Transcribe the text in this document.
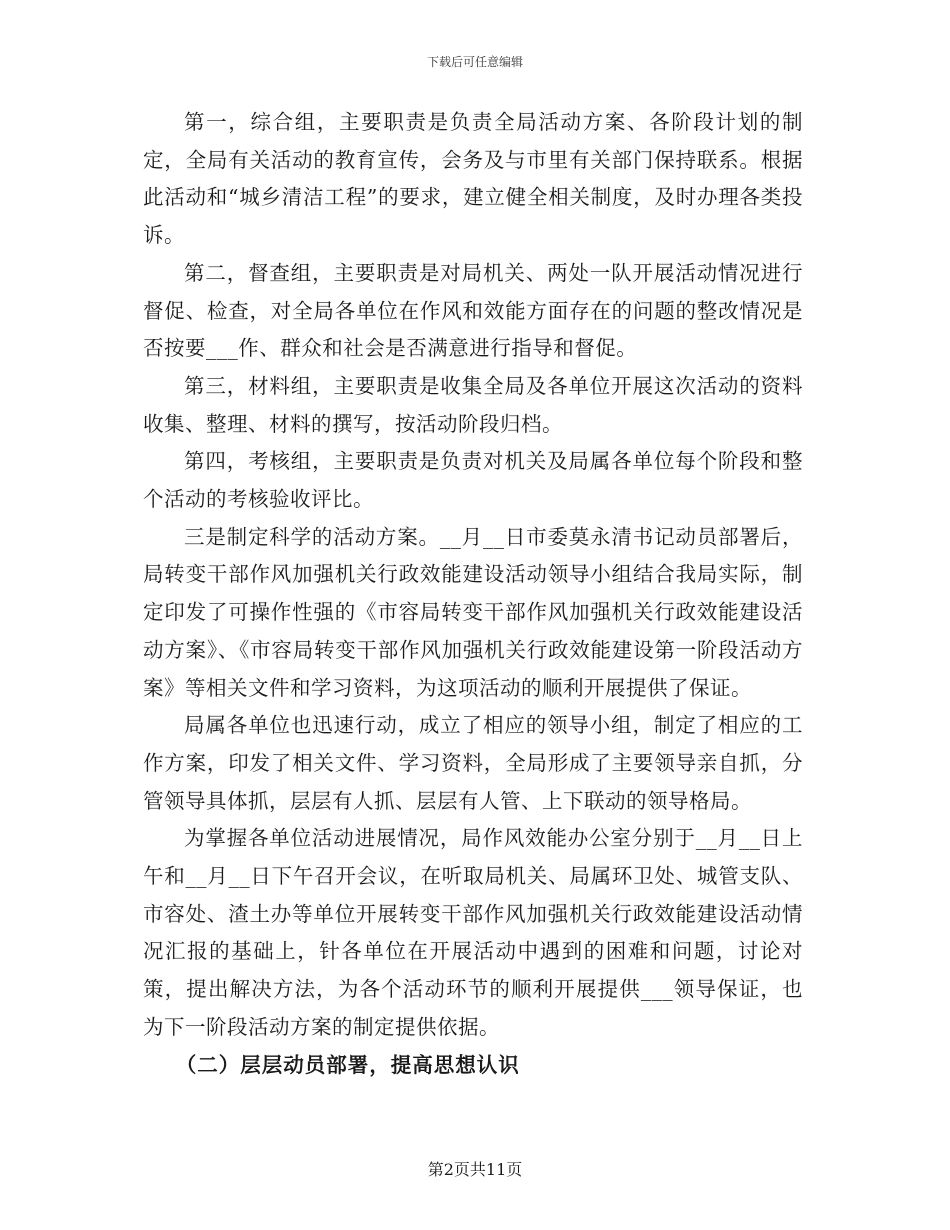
下载后可任意编辑

第一，综合组，主要职责是负责全局活动方案、各阶段计划的制定，全局有关活动的教育宣传，会务及与市里有关部门保持联系。根据此活动和“城乡清洁工程”的要求，建立健全相关制度，及时办理各类投诉。

第二，督查组，主要职责是对局机关、两处一队开展活动情况进行督促、检查，对全局各单位在作风和效能方面存在的问题的整改情况是否按要___作、群众和社会是否满意进行指导和督促。

第三，材料组，主要职责是收集全局及各单位开展这次活动的资料收集、整理、材料的撰写，按活动阶段归档。

第四，考核组，主要职责是负责对机关及局属各单位每个阶段和整个活动的考核验收评比。

三是制定科学的活动方案。__月__日市委莫永清书记动员部署后，局转变干部作风加强机关行政效能建设活动领导小组结合我局实际，制定印发了可操作性强的《市容局转变干部作风加强机关行政效能建设活动方案》、《市容局转变干部作风加强机关行政效能建设第一阶段活动方案》等相关文件和学习资料，为这项活动的顺利开展提供了保证。

局属各单位也迅速行动，成立了相应的领导小组，制定了相应的工作方案，印发了相关文件、学习资料，全局形成了主要领导亲自抓，分管领导具体抓，层层有人抓、层层有人管、上下联动的领导格局。

为掌握各单位活动进展情况，局作风效能办公室分别于__月__日上午和__月__日下午召开会议，在听取局机关、局属环卫处、城管支队、市容处、渣土办等单位开展转变干部作风加强机关行政效能建设活动情况汇报的基础上，针各单位在开展活动中遇到的困难和问题，讨论对策，提出解决方法，为各个活动环节的顺利开展提供___领导保证，也为下一阶段活动方案的制定提供依据。

（二）层层动员部署，提高思想认识

第2页共11页
